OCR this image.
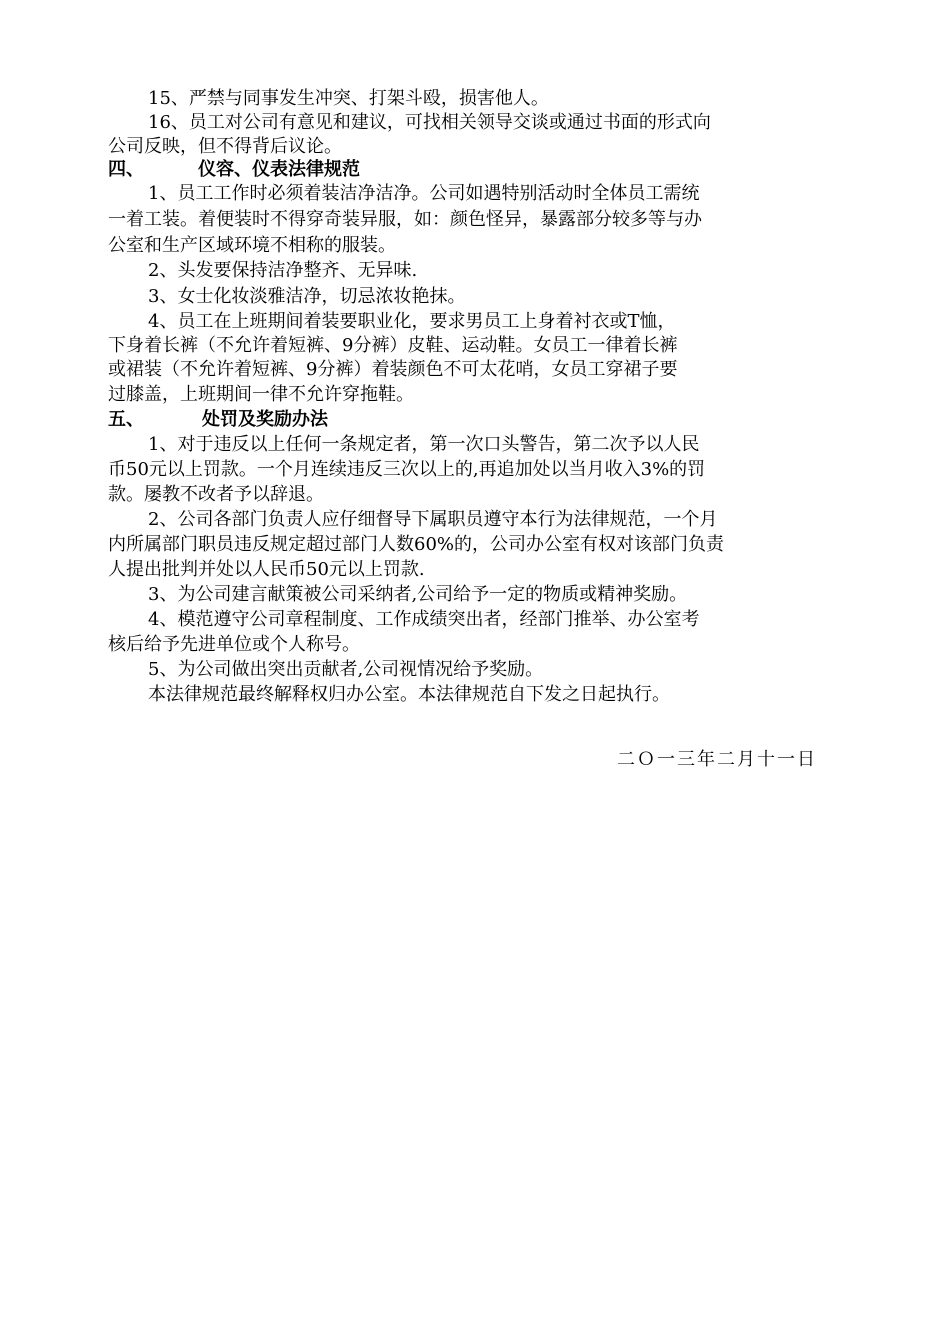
15、严禁与同事发生冲突、打架斗殴，损害他人。
16、员工对公司有意见和建议，可找相关领导交谈或通过书面的形式向
公司反映，但不得背后议论。
四、	仪容、仪表法律规范
1、员工工作时必须着装洁净洁净。公司如遇特别活动时全体员工需统
一着工装。着便装时不得穿奇装异服，如：颜色怪异，暴露部分较多等与办
公室和生产区域环境不相称的服装。
2、头发要保持洁净整齐、无异味.
3、女士化妆淡雅洁净，切忌浓妆艳抹。
4、员工在上班期间着装要职业化，要求男员工上身着衬衣或T恤，
下身着长裤（不允许着短裤、9分裤）皮鞋、运动鞋。女员工一律着长裤
或裙装（不允许着短裤、9分裤）着装颜色不可太花哨，女员工穿裙子要
过膝盖，上班期间一律不允许穿拖鞋。
五、	处罚及奖励办法
1、对于违反以上任何一条规定者，第一次口头警告，第二次予以人民
币50元以上罚款。一个月连续违反三次以上的,再追加处以当月收入3%的罚
款。屡教不改者予以辞退。
2、公司各部门负责人应仔细督导下属职员遵守本行为法律规范，一个月
内所属部门职员违反规定超过部门人数60%的，公司办公室有权对该部门负责
人提出批判并处以人民币50元以上罚款.
3、为公司建言献策被公司采纳者,公司给予一定的物质或精神奖励。
4、模范遵守公司章程制度、工作成绩突出者，经部门推举、办公室考
核后给予先进单位或个人称号。
5、为公司做出突出贡献者,公司视情况给予奖励。
本法律规范最终解释权归办公室。本法律规范自下发之日起执行。
二Ｏ一三年二月十一日
